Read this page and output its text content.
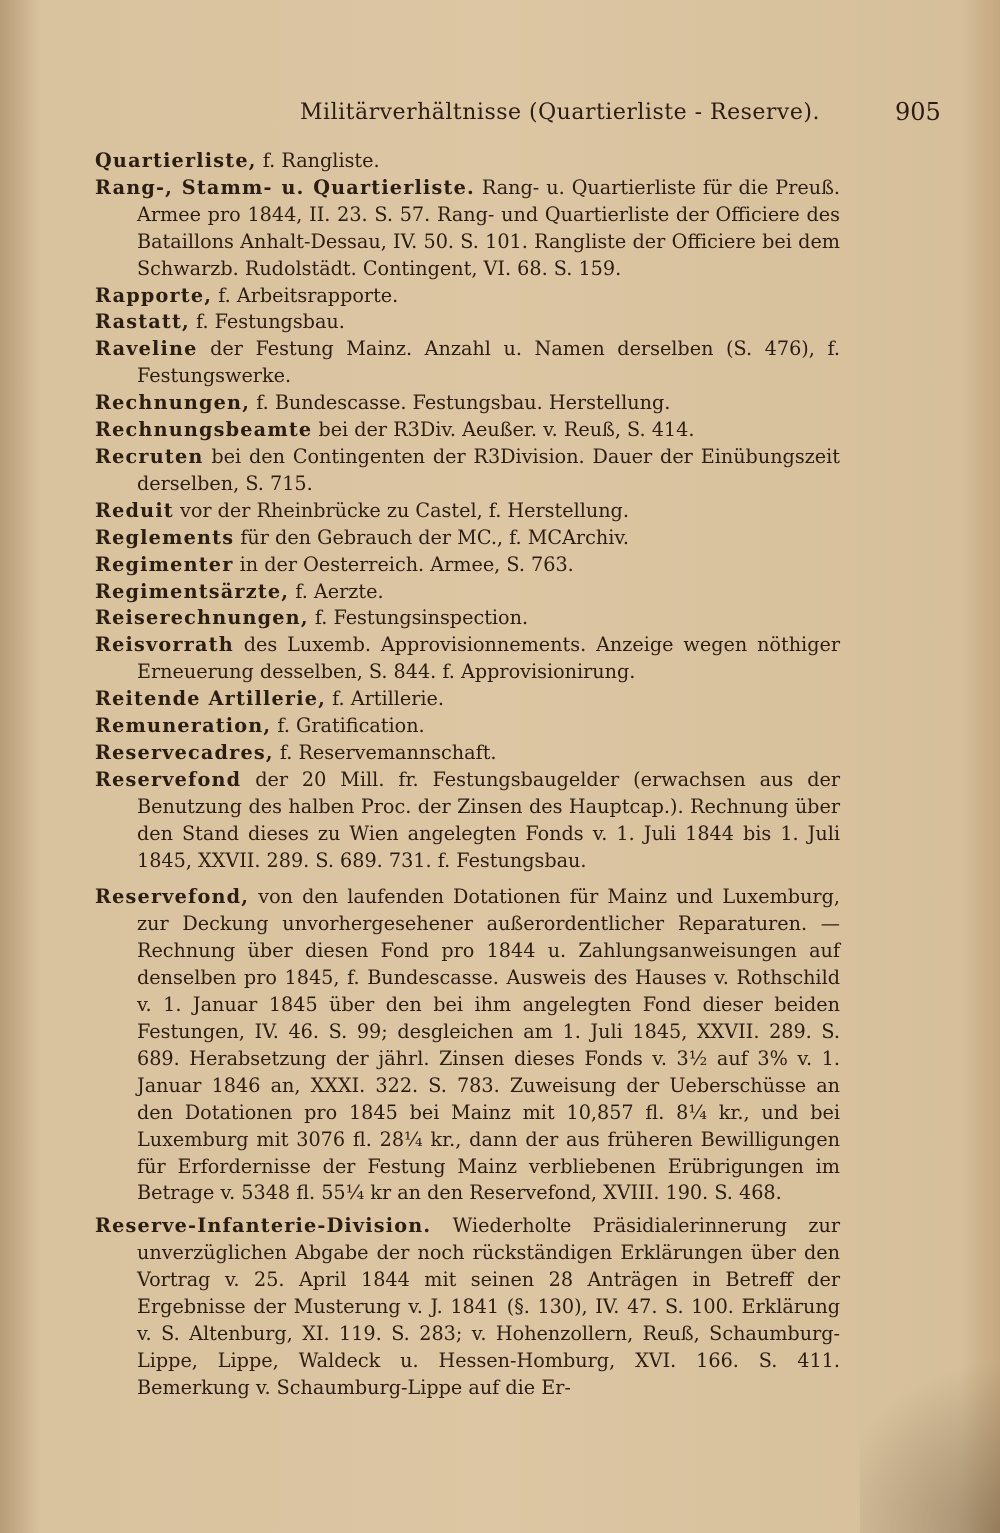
Militärverhältnisse (Quartierliste - Reserve).	905

Quartierliste, f. Rangliste.

Rang-, Stamm- u. Quartierliste. Rang- u. Quartierliste für die Preuß. Armee pro 1844, II. 23. S. 57. Rang- und Quartierliste der Officiere des Bataillons Anhalt-Dessau, IV. 50. S. 101. Rangliste der Officiere bei dem Schwarzb. Rudolstädt. Contingent, VI. 68. S. 159.

Rapporte, f. Arbeitsrapporte.

Rastatt, f. Festungsbau.

Raveline der Festung Mainz. Anzahl u. Namen derselben (S. 476), f. Festungswerke.

Rechnungen, f. Bundescasse. Festungsbau. Herstellung.

Rechnungsbeamte bei der R3Div. Aeußer. v. Reuß, S. 414.

Recruten bei den Contingenten der R3Division. Dauer der Einübungszeit derselben, S. 715.

Reduit vor der Rheinbrücke zu Castel, f. Herstellung.

Reglements für den Gebrauch der MC., f. MCArchiv.

Regimenter in der Oesterreich. Armee, S. 763.

Regimentsärzte, f. Aerzte.

Reiserechnungen, f. Festungsinspection.

Reisvorrath des Luxemb. Approvisionnements. Anzeige wegen nöthiger Erneuerung desselben, S. 844. f. Approvisionirung.

Reitende Artillerie, f. Artillerie.

Remuneration, f. Gratification.

Reservecadres, f. Reservemannschaft.

Reservefond der 20 Mill. fr. Festungsbaugelder (erwachsen aus der Benutzung des halben Proc. der Zinsen des Hauptcap.). Rechnung über den Stand dieses zu Wien angelegten Fonds v. 1. Juli 1844 bis 1. Juli 1845, XXVII. 289. S. 689. 731. f. Festungsbau.

Reservefond, von den laufenden Dotationen für Mainz und Luxemburg, zur Deckung unvorhergesehener außerordentlicher Reparaturen. — Rechnung über diesen Fond pro 1844 u. Zahlungsanweisungen auf denselben pro 1845, f. Bundescasse. Ausweis des Hauses v. Rothschild v. 1. Januar 1845 über den bei ihm angelegten Fond dieser beiden Festungen, IV. 46. S. 99; desgleichen am 1. Juli 1845, XXVII. 289. S. 689. Herabsetzung der jährl. Zinsen dieses Fonds v. 3½ auf 3% v. 1. Januar 1846 an, XXXI. 322. S. 783. Zuweisung der Ueberschüsse an den Dotationen pro 1845 bei Mainz mit 10,857 fl. 8¼ kr., und bei Luxemburg mit 3076 fl. 28¼ kr., dann der aus früheren Bewilligungen für Erfordernisse der Festung Mainz verbliebenen Erübrigungen im Betrage v. 5348 fl. 55¼ kr an den Reservefond, XVIII. 190. S. 468.

Reserve-Infanterie-Division. Wiederholte Präsidialerinnerung zur unverzüglichen Abgabe der noch rückständigen Erklärungen über den Vortrag v. 25. April 1844 mit seinen 28 Anträgen in Betreff der Ergebnisse der Musterung v. J. 1841 (§. 130), IV. 47. S. 100. Erklärung v. S. Altenburg, XI. 119. S. 283; v. Hohenzollern, Reuß, Schaumburg-Lippe, Lippe, Waldeck u. Hessen-Homburg, XVI. 166. S. 411. Bemerkung v. Schaumburg-Lippe auf die Er-
